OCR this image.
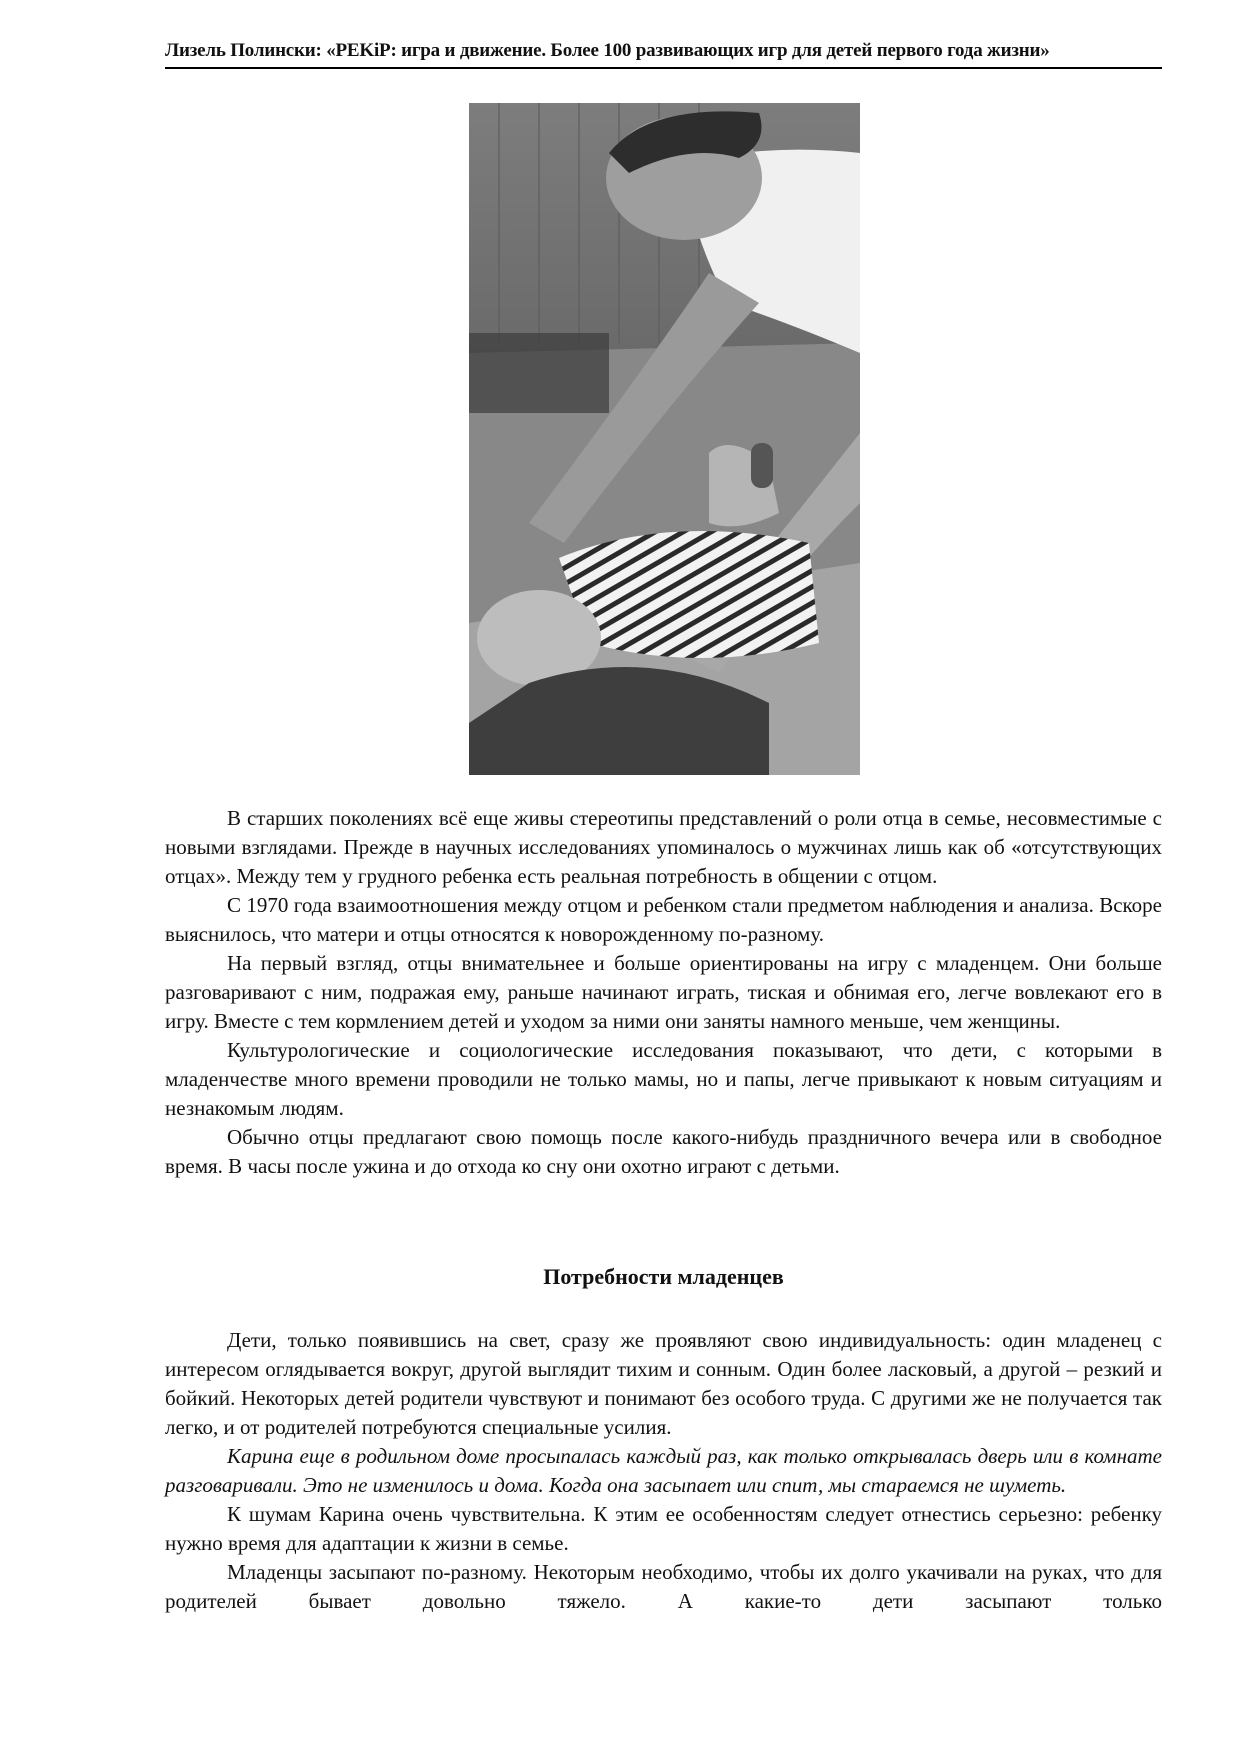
Лизель Полински: «PEKiP: игра и движение. Более 100 развивающих игр для детей первого года жизни»

В старших поколениях всё еще живы стереотипы представлений о роли отца в семье, несовместимые с новыми взглядами. Прежде в научных исследованиях упоминалось о мужчинах лишь как об «отсутствующих отцах». Между тем у грудного ребенка есть реальная потребность в общении с отцом.

С 1970 года взаимоотношения между отцом и ребенком стали предметом наблюдения и анализа. Вскоре выяснилось, что матери и отцы относятся к новорожденному по-разному.

На первый взгляд, отцы внимательнее и больше ориентированы на игру с младенцем. Они больше разговаривают с ним, подражая ему, раньше начинают играть, тиская и обнимая его, легче вовлекают его в игру. Вместе с тем кормлением детей и уходом за ними они заняты намного меньше, чем женщины.

Культурологические и социологические исследования показывают, что дети, с которыми в младенчестве много времени проводили не только мамы, но и папы, легче привыкают к новым ситуациям и незнакомым людям.

Обычно отцы предлагают свою помощь после какого-нибудь праздничного вечера или в свободное время. В часы после ужина и до отхода ко сну они охотно играют с детьми.

Потребности младенцев

Дети, только появившись на свет, сразу же проявляют свою индивидуальность: один младенец с интересом оглядывается вокруг, другой выглядит тихим и сонным. Один более ласковый, а другой – резкий и бойкий. Некоторых детей родители чувствуют и понимают без особого труда. С другими же не получается так легко, и от родителей потребуются специальные усилия.

Карина еще в родильном доме просыпалась каждый раз, как только открывалась дверь или в комнате разговаривали. Это не изменилось и дома. Когда она засыпает или спит, мы стараемся не шуметь.

К шумам Карина очень чувствительна. К этим ее особенностям следует отнестись серьезно: ребенку нужно время для адаптации к жизни в семье.

Младенцы засыпают по-разному. Некоторым необходимо, чтобы их долго укачивали на руках, что для родителей бывает довольно тяжело. А какие-то дети засыпают только
